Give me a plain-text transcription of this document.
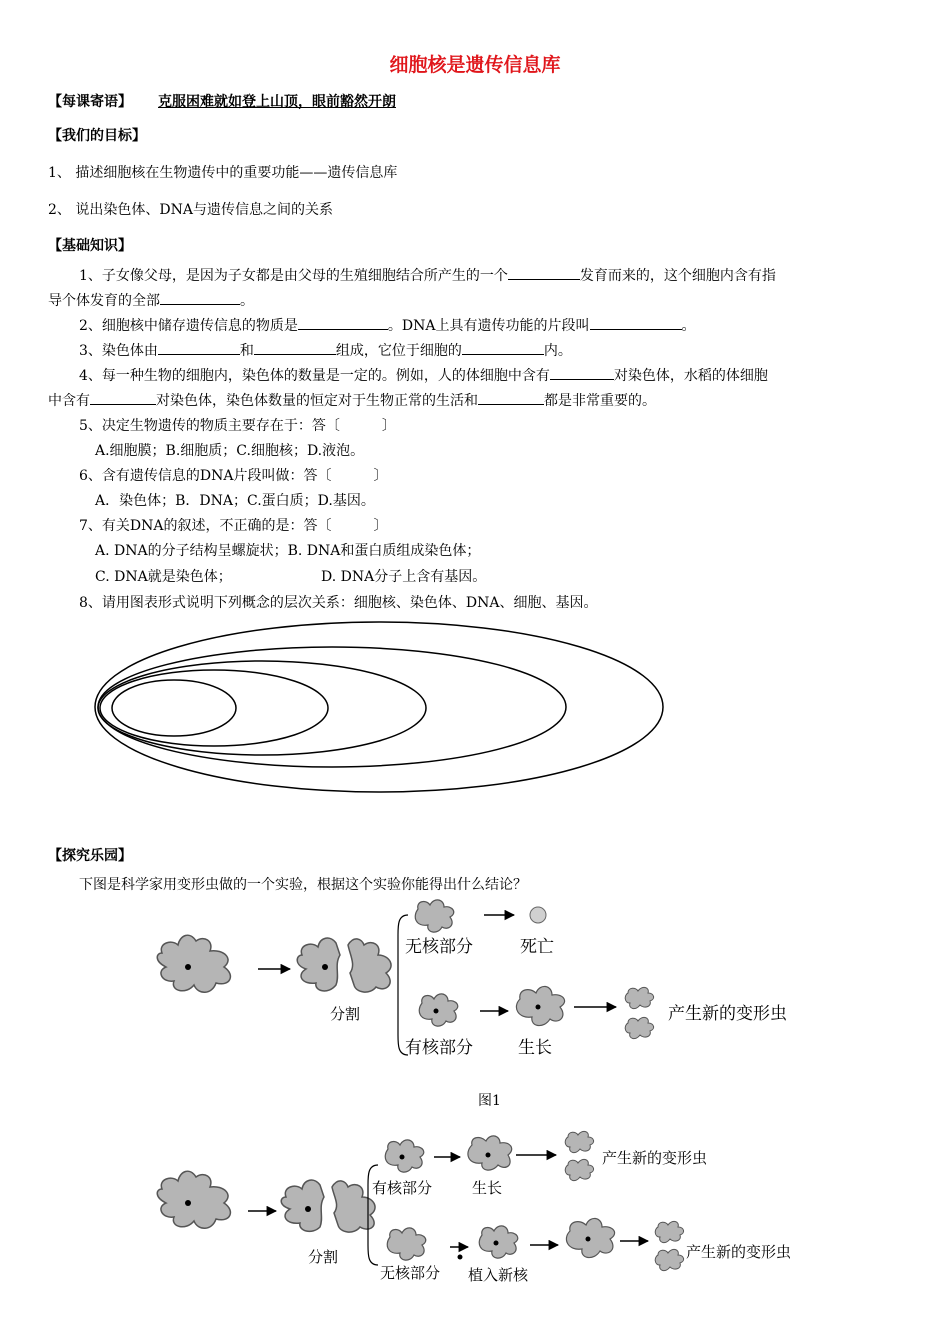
细胞核是遗传信息库
【每课寄语】 克服困难就如登上山顶，眼前豁然开朗
【我们的目标】
1、 描述细胞核在生物遗传中的重要功能——遗传信息库
2、 说出染色体、DNA与遗传信息之间的关系
【基础知识】
1、子女像父母，是因为子女都是由父母的生殖细胞结合所产生的一个	发育而来的，这个细胞内含有指
导个体发育的全部	。
2、细胞核中储存遗传信息的物质是	。DNA上具有遗传功能的片段叫	。
3、染色体由	和	组成，它位于细胞的	内。
4、每一种生物的细胞内，染色体的数量是一定的。例如，人的体细胞中含有	对染色体，水稻的体细胞
中含有	对染色体，染色体数量的恒定对于生物正常的生活和	都是非常重要的。
5、决定生物遗传的物质主要存在于：答〔　　　〕
A.细胞膜；B.细胞质；C.细胞核；D.液泡。
6、含有遗传信息的DNA片段叫做：答〔　　　〕
A．染色体；B．DNA；C.蛋白质；D.基因。
7、有关DNA的叙述，不正确的是：答〔　　　〕
A. DNA的分子结构呈螺旋状；B. DNA和蛋白质组成染色体；
C. DNA就是染色体；	D. DNA分子上含有基因。
8、请用图表形式说明下列概念的层次关系：细胞核、染色体、DNA、细胞、基因。
【探究乐园】
下图是科学家用变形虫做的一个实验，根据这个实验你能得出什么结论？
分割
无核部分	死亡
有核部分	生长
产生新的变形虫
图1
分割
有核部分	生长
产生新的变形虫
无核部分 植入新核
产生新的变形虫
